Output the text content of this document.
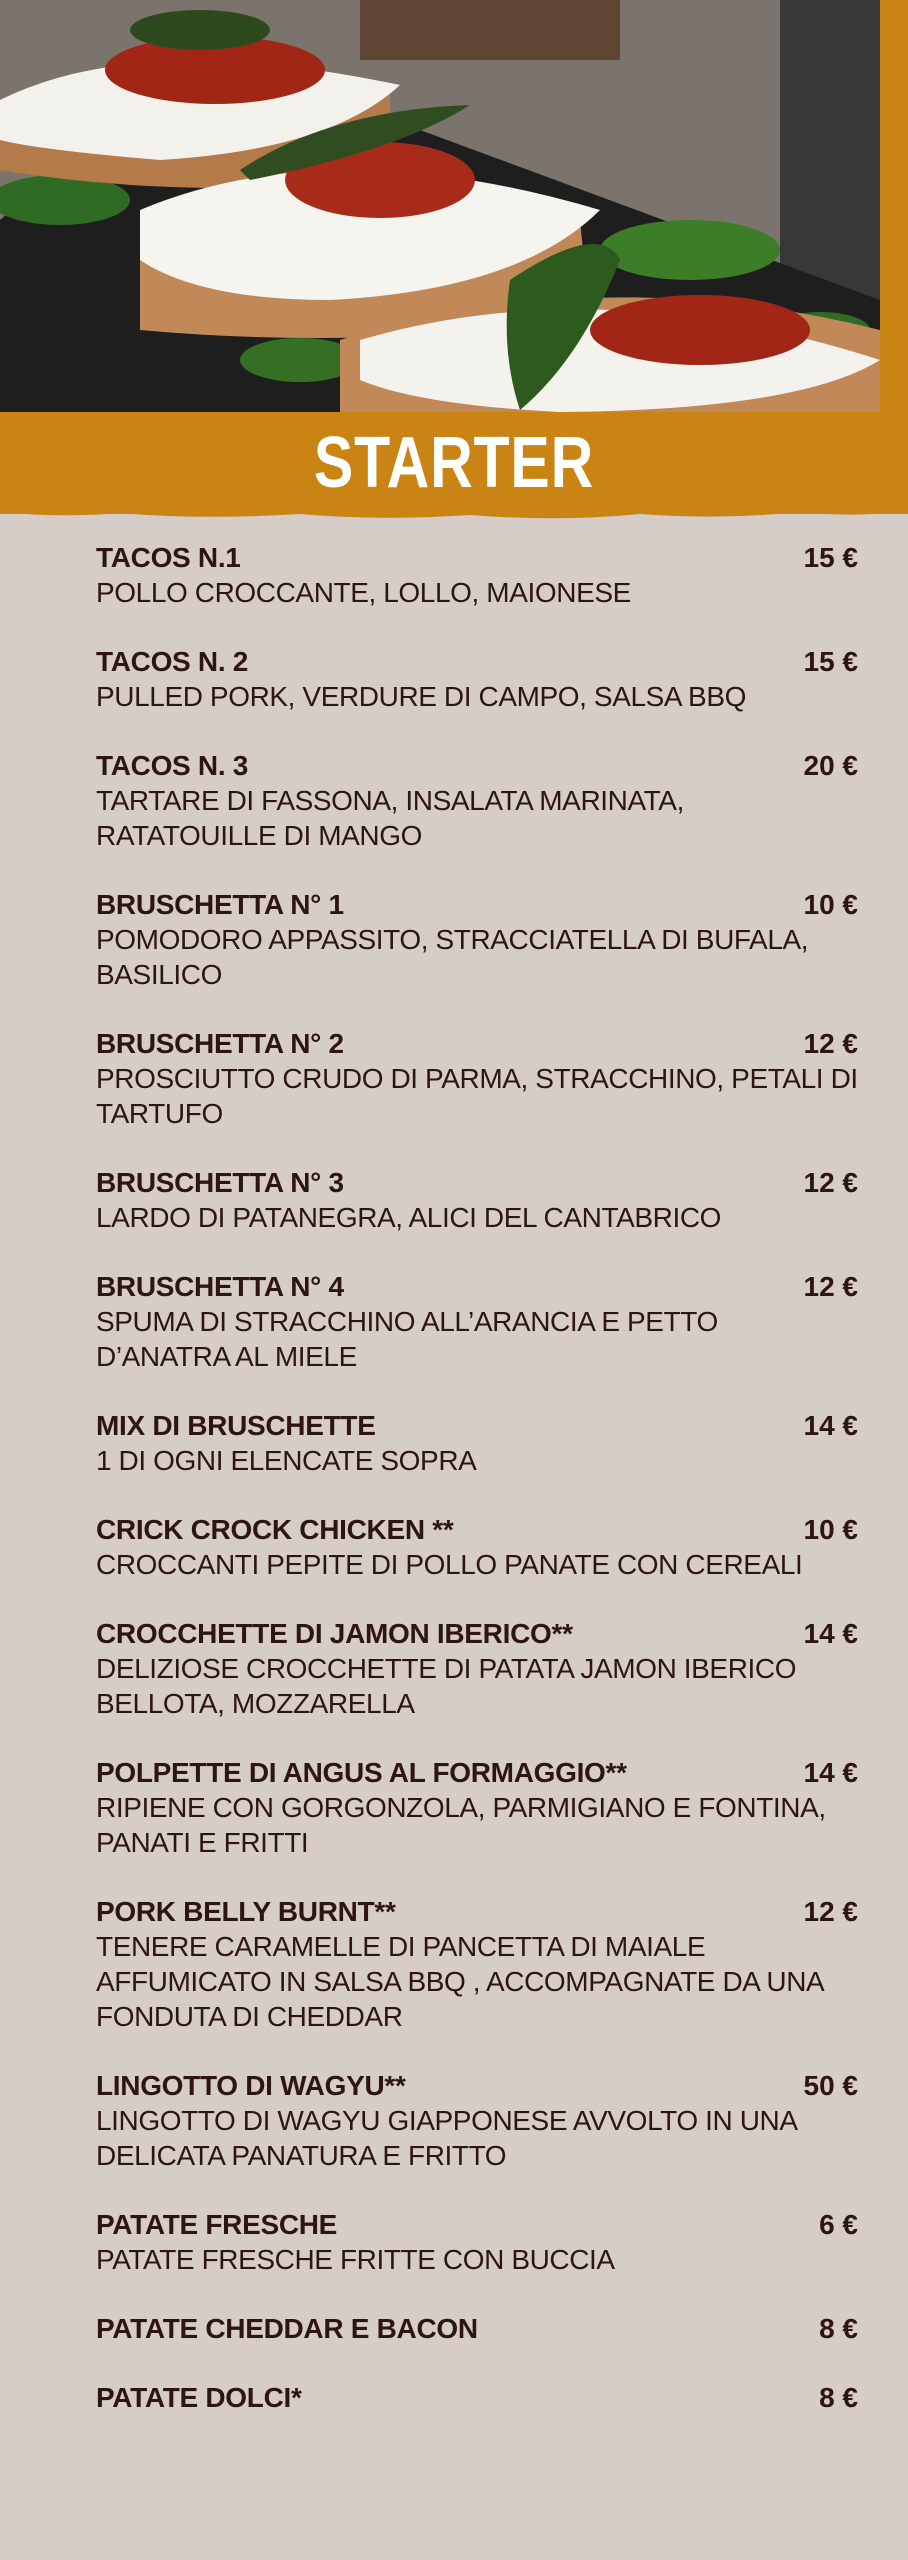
STARTER
TACOS N.1	15 €
POLLO CROCCANTE, LOLLO, MAIONESE
TACOS N. 2	15 €
PULLED PORK, VERDURE DI CAMPO, SALSA BBQ
TACOS N. 3	20 €
TARTARE DI FASSONA, INSALATA MARINATA, RATATOUILLE DI MANGO
BRUSCHETTA N° 1	10 €
POMODORO APPASSITO, STRACCIATELLA DI BUFALA, BASILICO
BRUSCHETTA N° 2	12 €
PROSCIUTTO CRUDO DI PARMA, STRACCHINO, PETALI DI TARTUFO
BRUSCHETTA N° 3	12 €
LARDO DI PATANEGRA, ALICI DEL CANTABRICO
BRUSCHETTA N° 4	12 €
SPUMA DI STRACCHINO ALL’ARANCIA E PETTO D’ANATRA AL MIELE
MIX DI BRUSCHETTE	14 €
1 DI OGNI ELENCATE SOPRA
CRICK CROCK CHICKEN **	10 €
CROCCANTI PEPITE DI POLLO PANATE CON CEREALI
CROCCHETTE DI JAMON IBERICO**	14 €
DELIZIOSE CROCCHETTE DI PATATA JAMON IBERICO BELLOTA, MOZZARELLA
POLPETTE DI ANGUS AL FORMAGGIO**	14 €
RIPIENE CON GORGONZOLA, PARMIGIANO E FONTINA, PANATI E FRITTI
PORK BELLY BURNT**	12 €
TENERE CARAMELLE DI PANCETTA DI MAIALE AFFUMICATO IN SALSA BBQ , ACCOMPAGNATE DA UNA FONDUTA DI CHEDDAR
LINGOTTO DI WAGYU**	50 €
LINGOTTO DI WAGYU GIAPPONESE AVVOLTO IN UNA DELICATA PANATURA E FRITTO
PATATE FRESCHE	6 €
PATATE FRESCHE FRITTE CON BUCCIA
PATATE CHEDDAR E BACON	8 €
PATATE DOLCI*	8 €
